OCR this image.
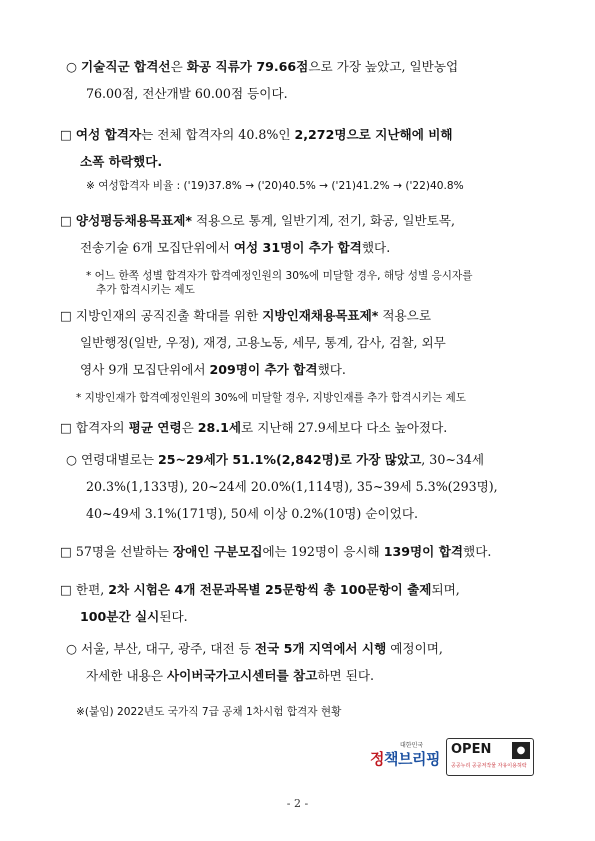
○ 기술직군 합격선은 화공 직류가 79.66점으로 가장 높았고, 일반농업
76.00점, 전산개발 60.00점 등이다.
□ 여성 합격자는 전체 합격자의 40.8%인 2,272명으로 지난해에 비해
소폭 하락했다.
□ 양성평등채용목표제* 적용으로 통계, 일반기계, 전기, 화공, 일반토목,
전송기술 6개 모집단위에서 여성 31명이 추가 합격했다.
□ 지방인재의 공직진출 확대를 위한 지방인재채용목표제* 적용으로
일반행정(일반, 우정), 재경, 고용노동, 세무, 통계, 감사, 검찰, 외무
영사 9개 모집단위에서 209명이 추가 합격했다.
□ 합격자의 평균 연령은 28.1세로 지난해 27.9세보다 다소 높아졌다.
○ 연령대별로는 25~29세가 51.1%(2,842명)로 가장 많았고, 30~34세
20.3%(1,133명), 20~24세 20.0%(1,114명), 35~39세 5.3%(293명),
40~49세 3.1%(171명), 50세 이상 0.2%(10명) 순이었다.
□ 57명을 선발하는 장애인 구분모집에는 192명이 응시해 139명이 합격했다.
□ 한편, 2차 시험은 4개 전문과목별 25문항씩 총 100문항이 출제되며,
100분간 실시된다.
○ 서울, 부산, 대구, 광주, 대전 등 전국 5개 지역에서 시행 예정이며,
자세한 내용은 사이버국가고시센터를 참고하면 된다.
※ 여성합격자 비율 : ('19)37.8% → ('20)40.5% → ('21)41.2% → ('22)40.8%
* 어느 한쪽 성별 합격자가 합격예정인원의 30%에 미달할 경우, 해당 성별 응시자를
추가 합격시키는 제도
* 지방인재가 합격예정인원의 30%에 미달할 경우, 지방인재를 추가 합격시키는 제도
※(붙임) 2022년도 국가직 7급 공채 1차시험 합격자 현황
대한민국
정책브리핑
OPEN
공공누리 공공저작물 자유이용허락
●
- 2 -
